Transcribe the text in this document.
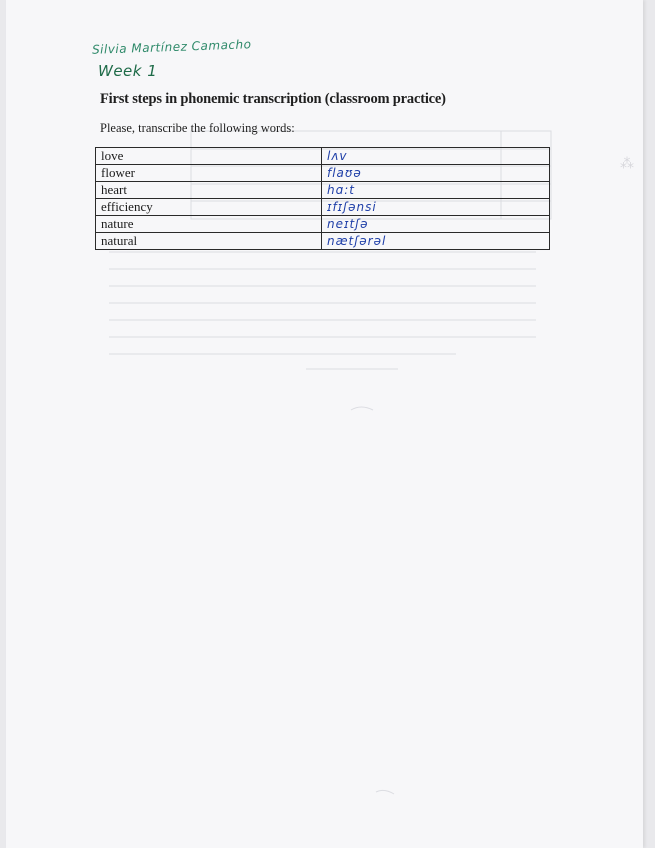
Silvia Martínez Camacho
Week 1
First steps in phonemic transcription (classroom practice)
Please, transcribe the following words:
love	lʌv
flower	flaʊə
heart	hɑ:t
efficiency	ɪfɪʃənsi
nature	neɪtʃə
natural	nætʃərəl
⁂
